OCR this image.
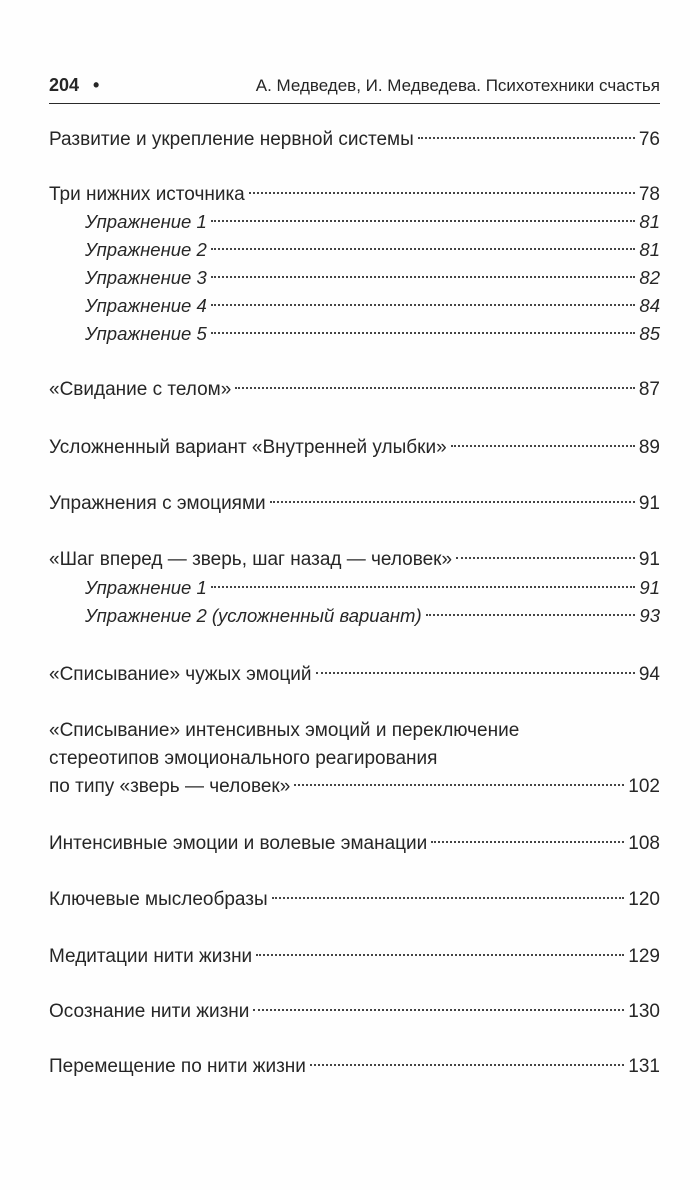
204 •	А. Медведев, И. Медведева. Психотехники счастья
Развитие и укрепление нервной системы	76
Три нижних источника	78
Упражнение 1	81
Упражнение 2	81
Упражнение 3	82
Упражнение 4	84
Упражнение 5	85
«Свидание с телом»	87
Усложненный вариант «Внутренней улыбки»	89
Упражнения с эмоциями	91
«Шаг вперед — зверь, шаг назад — человек»	91
Упражнение 1	91
Упражнение 2 (усложненный вариант)	93
«Списывание» чужых эмоций	94
«Списывание» интенсивных эмоций и переключение
стереотипов эмоционального реагирования
по типу «зверь — человек»	102
Интенсивные эмоции и волевые эманации	108
Ключевые мыслеобразы	120
Медитации нити жизни	129
Осознание нити жизни	130
Перемещение по нити жизни	131
